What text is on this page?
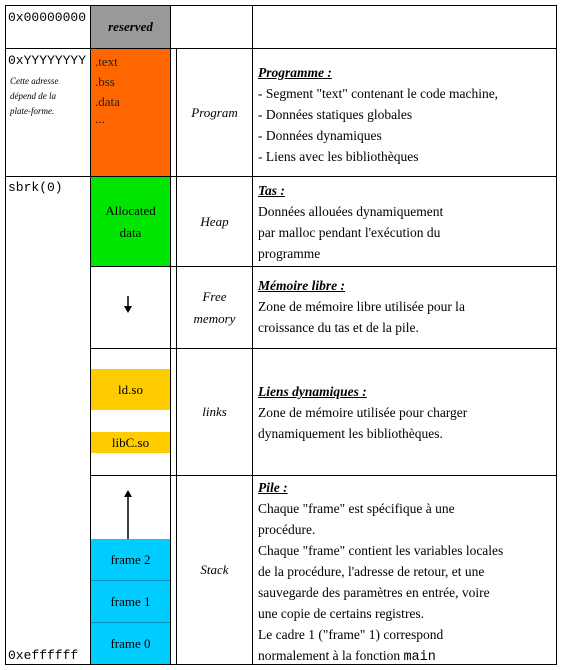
0x00000000
0xYYYYYYYY
Cette adresse
dépend de la
plate-forme.
sbrk(0)
0xeffffff
reserved
.text
.bss
.data
...	Program
Programme :
- Segment "text" contenant le code machine,
- Données statiques globales
- Données dynamiques
- Liens avec les bibliothèques
Allocated
data
Heap
Tas :
Données allouées dynamiquement
par malloc pendant l'exécution du
programme
Free
memory
Mémoire libre :
Zone de mémoire libre utilisée pour la
croissance du tas et de la pile.
ld.so
libC.so
links
Liens dynamiques :
Zone de mémoire utilisée pour charger
dynamiquement les bibliothèques.
frame 2
frame 1
frame 0
Stack
Pile :
Chaque "frame" est spécifique à une
procédure.
Chaque "frame" contient les variables locales
de la procédure, l'adresse de retour, et une
sauvegarde des paramètres en entrée, voire
une copie de certains registres.
Le cadre 1 ("frame" 1) correspond
normalement à la fonction main
